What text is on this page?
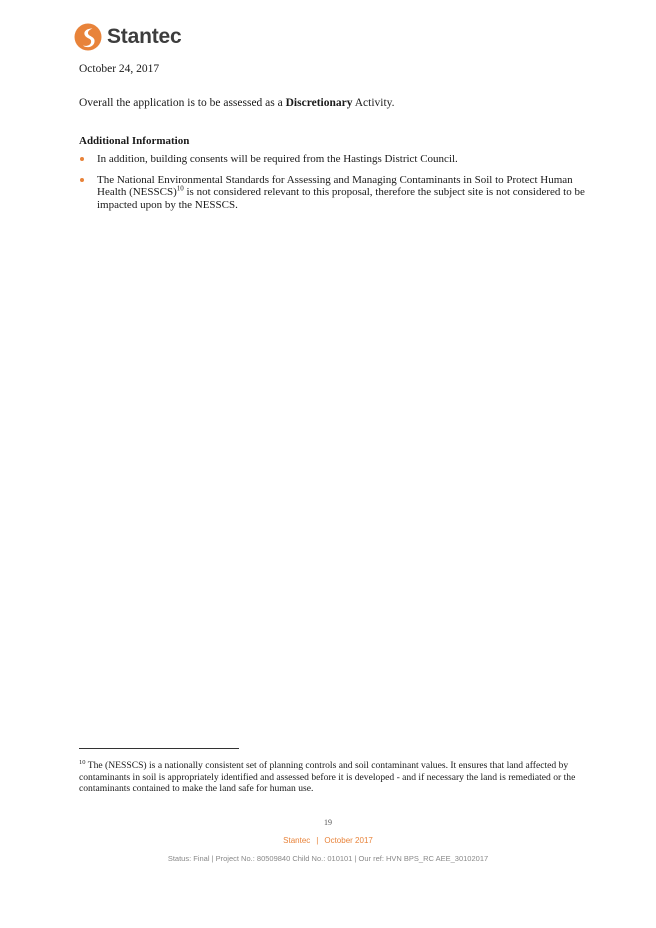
Stantec
October 24, 2017
Overall the application is to be assessed as a Discretionary Activity.
Additional Information
In addition, building consents will be required from the Hastings District Council.
The National Environmental Standards for Assessing and Managing Contaminants in Soil to Protect Human Health (NESSCS)$^{10}$ is not considered relevant to this proposal, therefore the subject site is not considered to be impacted upon by the NESSCS.
$^{10}$ The (NESSCS) is a nationally consistent set of planning controls and soil contaminant values. It ensures that land affected by contaminants in soil is appropriately identified and assessed before it is developed - and if necessary the land is remediated or the contaminants contained to make the land safe for human use.
19
Stantec | October 2017
Status: Final | Project No.: 80509840 Child No.: 010101 | Our ref: HVN BPS_RC AEE_30102017
